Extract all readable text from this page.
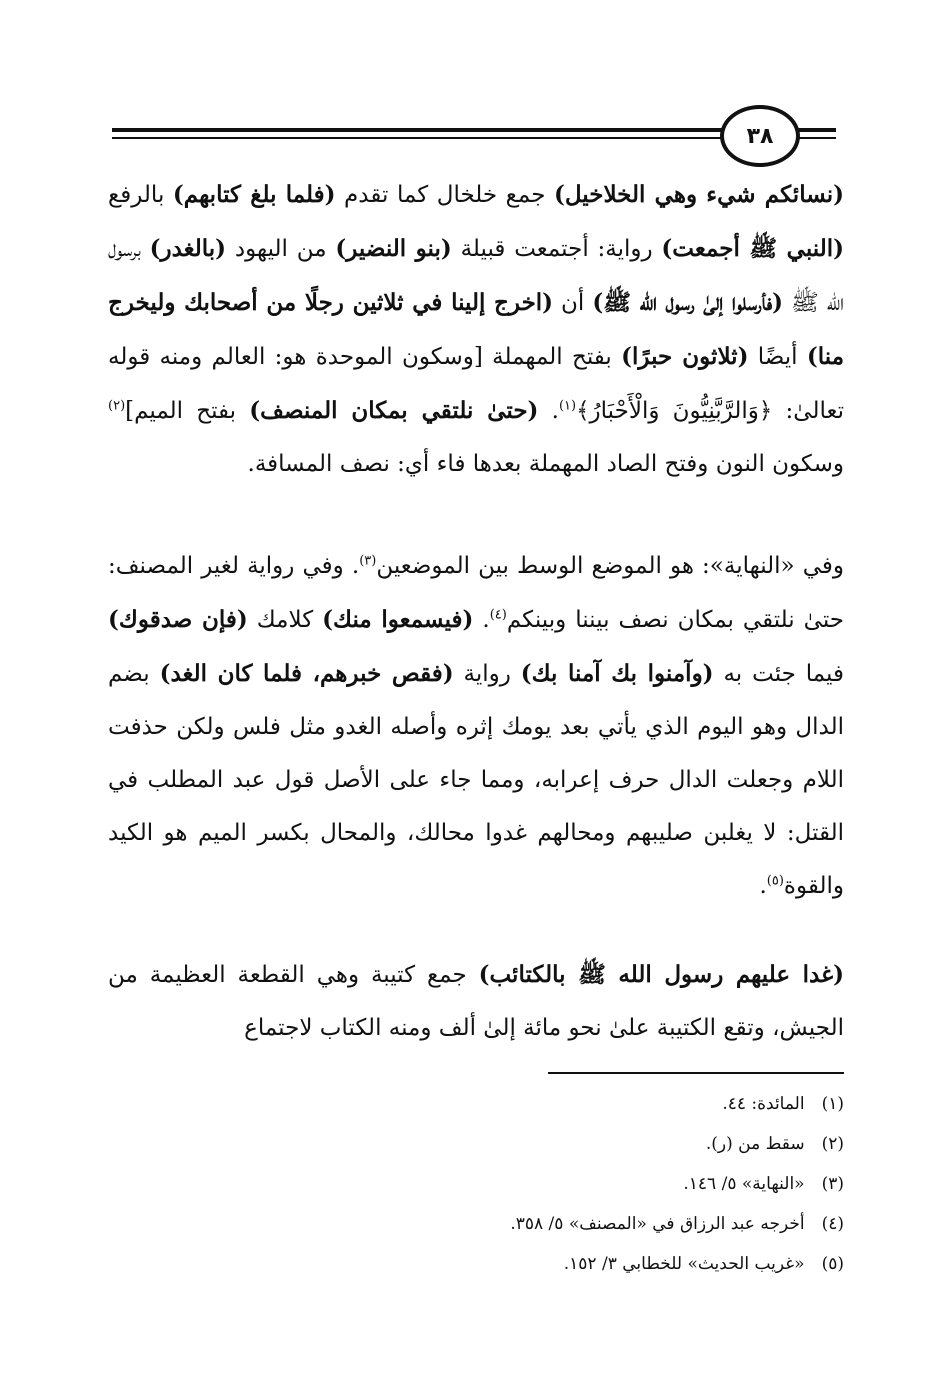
٣٨
(نسائكم شيء وهي الخلاخيل) جمع خلخال كما تقدم (فلما بلغ كتابهم) بالرفع (النبي ﷺ أجمعت) رواية: أجتمعت قبيلة (بنو النضير) من اليهود (بالغدر) برسول الله ﷺ (فأرسلوا إلىٰ رسول الله ﷺ) أن (اخرج إلينا في ثلاثين رجلًا من أصحابك وليخرج منا) أيضًا (ثلاثون حبرًا) بفتح المهملة [وسكون الموحدة هو: العالم ومنه قوله تعالىٰ: ﴿وَالرَّبَّنِيُّونَ وَالْأَحْبَارُ﴾$^{(١)}$. (حتىٰ نلتقي بمكان المنصف) بفتح الميم]$^{(٢)}$ وسكون النون وفتح الصاد المهملة بعدها فاء أي: نصف المسافة.
وفي «النهاية»: هو الموضع الوسط بين الموضعين$^{(٣)}$. وفي رواية لغير المصنف: حتىٰ نلتقي بمكان نصف بيننا وبينكم$^{(٤)}$. (فيسمعوا منك) كلامك (فإن صدقوك) فيما جئت به (وآمنوا بك آمنا بك) رواية (فقص خبرهم، فلما كان الغد) بضم الدال وهو اليوم الذي يأتي بعد يومك إثره وأصله الغدو مثل فلس ولكن حذفت اللام وجعلت الدال حرف إعرابه، ومما جاء على الأصل قول عبد المطلب في القتل: لا يغلبن صليبهم ومحالهم غدوا محالك، والمحال بكسر الميم هو الكيد والقوة$^{(٥)}$.
(غدا عليهم رسول الله ﷺ بالكتائب) جمع كتيبة وهي القطعة العظيمة من الجيش، وتقع الكتيبة علىٰ نحو مائة إلىٰ ألف ومنه الكتاب لاجتماع
(١) المائدة: ٤٤.
(٢) سقط من (ر).
(٣) «النهاية» ٥/ ١٤٦.
(٤) أخرجه عبد الرزاق في «المصنف» ٥/ ٣٥٨.
(٥) «غريب الحديث» للخطابي ٣/ ١٥٢.
